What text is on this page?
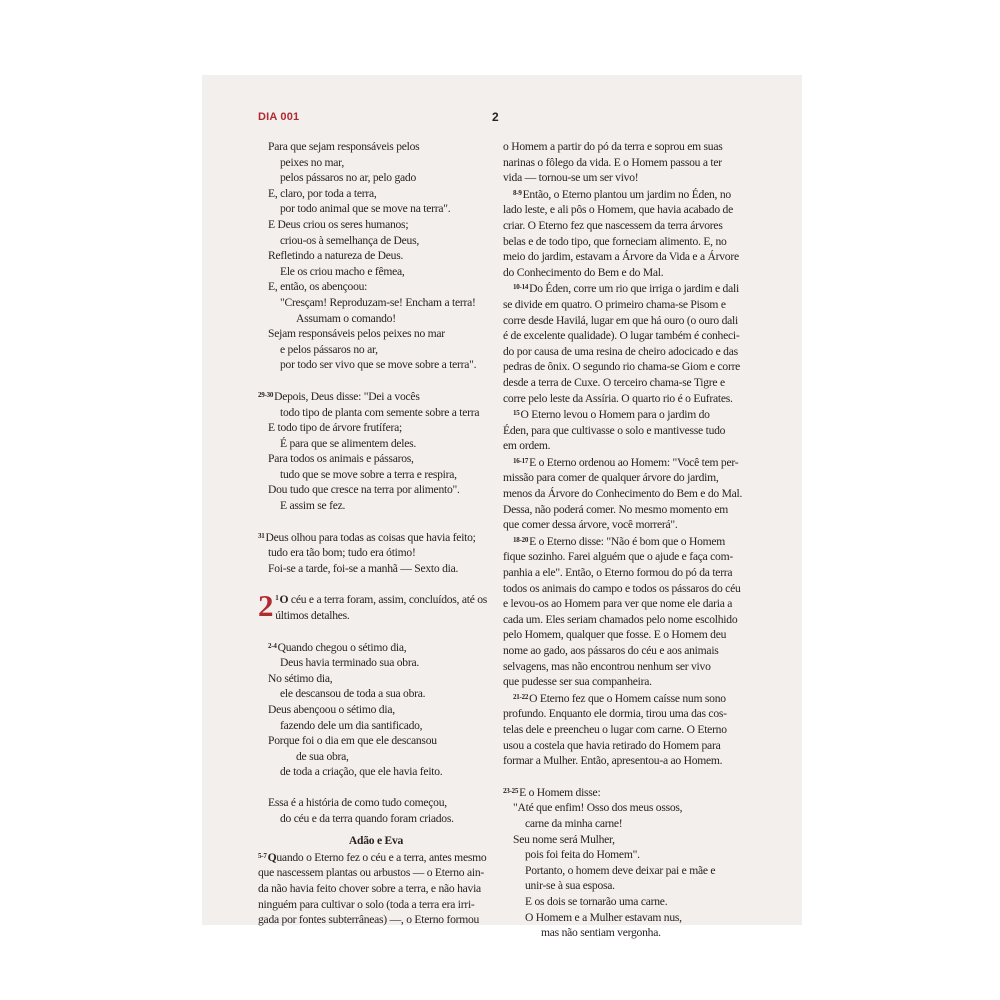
DIA 001	2
Para que sejam responsáveis pelos
peixes no mar,
pelos pássaros no ar, pelo gado
E, claro, por toda a terra,
por todo animal que se move na terra".
E Deus criou os seres humanos;
criou-os à semelhança de Deus,
Refletindo a natureza de Deus.
Ele os criou macho e fêmea,
E, então, os abençoou:
"Cresçam! Reproduzam-se! Encham a terra!
Assumam o comando!
Sejam responsáveis pelos peixes no mar
e pelos pássaros no ar,
por todo ser vivo que se move sobre a terra".
$^{29-30}$Depois, Deus disse: "Dei a vocês
todo tipo de planta com semente sobre a terra
E todo tipo de árvore frutífera;
É para que se alimentem deles.
Para todos os animais e pássaros,
tudo que se move sobre a terra e respira,
Dou tudo que cresce na terra por alimento".
E assim se fez.
$^{31}$Deus olhou para todas as coisas que havia feito;
tudo era tão bom; tudo era ótimo!
Foi-se a tarde, foi-se a manhã — Sexto dia.
2 $^1$O céu e a terra foram, assim, concluídos, até os
últimos detalhes.
$^{2-4}$Quando chegou o sétimo dia,
Deus havia terminado sua obra.
No sétimo dia,
ele descansou de toda a sua obra.
Deus abençoou o sétimo dia,
fazendo dele um dia santificado,
Porque foi o dia em que ele descansou
de sua obra,
de toda a criação, que ele havia feito.
Essa é a história de como tudo começou,
do céu e da terra quando foram criados.
Adão e Eva
$^{5-7}$Quando o Eterno fez o céu e a terra, antes mesmo
que nascessem plantas ou arbustos — o Eterno ain-
da não havia feito chover sobre a terra, e não havia
ninguém para cultivar o solo (toda a terra era irri-
gada por fontes subterrâneas) —, o Eterno formou
o Homem a partir do pó da terra e soprou em suas
narinas o fôlego da vida. E o Homem passou a ter
vida — tornou-se um ser vivo!
$^{8-9}$Então, o Eterno plantou um jardim no Éden, no
lado leste, e ali pôs o Homem, que havia acabado de
criar. O Eterno fez que nascessem da terra árvores
belas e de todo tipo, que forneciam alimento. E, no
meio do jardim, estavam a Árvore da Vida e a Árvore
do Conhecimento do Bem e do Mal.
$^{10-14}$Do Éden, corre um rio que irriga o jardim e dali
se divide em quatro. O primeiro chama-se Pisom e
corre desde Havilá, lugar em que há ouro (o ouro dali
é de excelente qualidade). O lugar também é conheci-
do por causa de uma resina de cheiro adocicado e das
pedras de ônix. O segundo rio chama-se Giom e corre
desde a terra de Cuxe. O terceiro chama-se Tigre e
corre pelo leste da Assíria. O quarto rio é o Eufrates.
$^{15}$O Eterno levou o Homem para o jardim do
Éden, para que cultivasse o solo e mantivesse tudo
em ordem.
$^{16-17}$E o Eterno ordenou ao Homem: "Você tem per-
missão para comer de qualquer árvore do jardim,
menos da Árvore do Conhecimento do Bem e do Mal.
Dessa, não poderá comer. No mesmo momento em
que comer dessa árvore, você morrerá".
$^{18-20}$E o Eterno disse: "Não é bom que o Homem
fique sozinho. Farei alguém que o ajude e faça com-
panhia a ele". Então, o Eterno formou do pó da terra
todos os animais do campo e todos os pássaros do céu
e levou-os ao Homem para ver que nome ele daria a
cada um. Eles seriam chamados pelo nome escolhido
pelo Homem, qualquer que fosse. E o Homem deu
nome ao gado, aos pássaros do céu e aos animais
selvagens, mas não encontrou nenhum ser vivo
que pudesse ser sua companheira.
$^{21-22}$O Eterno fez que o Homem caísse num sono
profundo. Enquanto ele dormia, tirou uma das cos-
telas dele e preencheu o lugar com carne. O Eterno
usou a costela que havia retirado do Homem para
formar a Mulher. Então, apresentou-a ao Homem.
$^{23-25}$E o Homem disse:
"Até que enfim! Osso dos meus ossos,
carne da minha carne!
Seu nome será Mulher,
pois foi feita do Homem".
Portanto, o homem deve deixar pai e mãe e
unir-se à sua esposa.
E os dois se tornarão uma carne.
O Homem e a Mulher estavam nus,
mas não sentiam vergonha.
